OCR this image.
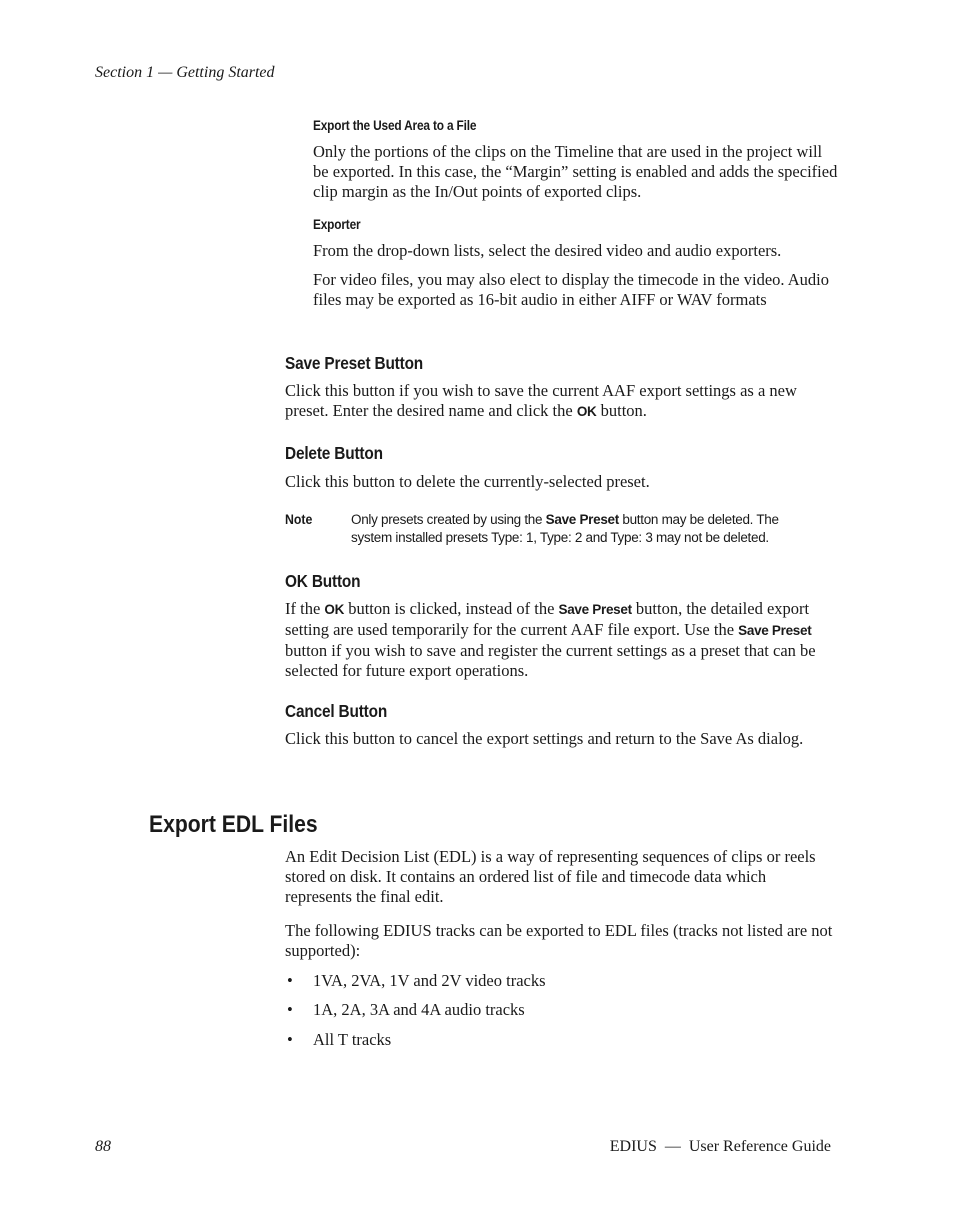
Section 1 — Getting Started
Export the Used Area to a File
Only the portions of the clips on the Timeline that are used in the project will be exported. In this case, the “Margin” setting is enabled and adds the specified clip margin as the In/Out points of exported clips.
Exporter
From the drop-down lists, select the desired video and audio exporters.
For video files, you may also elect to display the timecode in the video. Audio files may be exported as 16-bit audio in either AIFF or WAV formats
Save Preset Button
Click this button if you wish to save the current AAF export settings as a new preset. Enter the desired name and click the OK button.
Delete Button
Click this button to delete the currently-selected preset.
Note	Only presets created by using the Save Preset button may be deleted. The system installed presets Type: 1, Type: 2 and Type: 3 may not be deleted.
OK Button
If the OK button is clicked, instead of the Save Preset button, the detailed export setting are used temporarily for the current AAF file export. Use the Save Preset button if you wish to save and register the current settings as a preset that can be selected for future export operations.
Cancel Button
Click this button to cancel the export settings and return to the Save As dialog.
Export EDL Files
An Edit Decision List (EDL) is a way of representing sequences of clips or reels stored on disk. It contains an ordered list of file and timecode data which represents the final edit.
The following EDIUS tracks can be exported to EDL files (tracks not listed are not supported):
• 1VA, 2VA, 1V and 2V video tracks
• 1A, 2A, 3A and 4A audio tracks
• All T tracks
88	EDIUS  —  User Reference Guide
